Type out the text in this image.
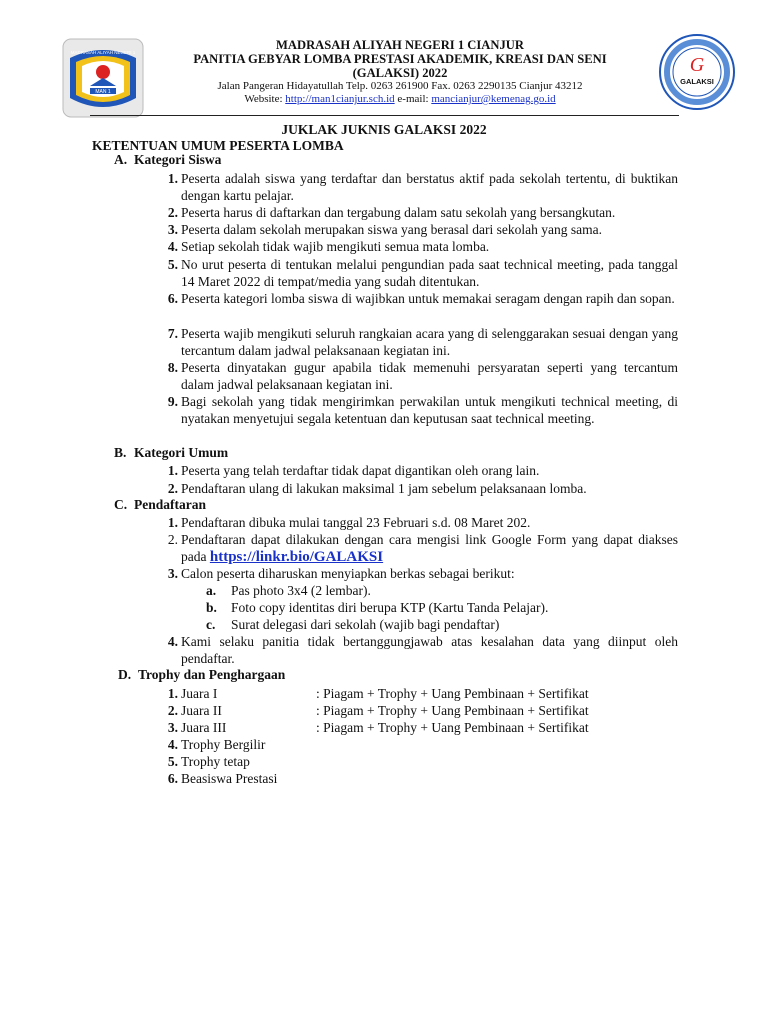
MAN 1
MADRASAH ALIYAH NEGERI 1
G
GALAKSI
MADRASAH ALIYAH NEGERI 1 CIANJUR
PANITIA GEBYAR LOMBA PRESTASI AKADEMIK, KREASI DAN SENI
(GALAKSI) 2022
Jalan Pangeran Hidayatullah Telp. 0263 261900 Fax. 0263 2290135 Cianjur 43212
Website: http://man1cianjur.sch.id e-mail: mancianjur@kemenag.go.id
JUKLAK JUKNIS GALAKSI 2022
KETENTUAN UMUM PESERTA LOMBA
A. Kategori Siswa
1. Peserta adalah siswa yang terdaftar dan berstatus aktif pada sekolah tertentu, di buktikan dengan kartu pelajar.
2. Peserta harus di daftarkan dan tergabung dalam satu sekolah yang bersangkutan.
3. Peserta dalam sekolah merupakan siswa yang berasal dari sekolah yang sama.
4. Setiap sekolah tidak wajib mengikuti semua mata lomba.
5. No urut peserta di tentukan melalui pengundian pada saat technical meeting, pada tanggal 14 Maret 2022 di tempat/media yang sudah ditentukan.
6. Peserta kategori lomba siswa di wajibkan untuk memakai seragam dengan rapih dan sopan.
7. Peserta wajib mengikuti seluruh rangkaian acara yang di selenggarakan sesuai dengan yang tercantum dalam jadwal pelaksanaan kegiatan ini.
8. Peserta dinyatakan gugur apabila tidak memenuhi persyaratan seperti yang tercantum dalam jadwal pelaksanaan kegiatan ini.
9. Bagi sekolah yang tidak mengirimkan perwakilan untuk mengikuti technical meeting, di nyatakan menyetujui segala ketentuan dan keputusan saat technical meeting.
B. Kategori Umum
1. Peserta yang telah terdaftar tidak dapat digantikan oleh orang lain.
2. Pendaftaran ulang di lakukan maksimal 1 jam sebelum pelaksanaan lomba.
C. Pendaftaran
1. Pendaftaran dibuka mulai tanggal 23 Februari s.d. 08 Maret 202.
2. Pendaftaran dapat dilakukan dengan cara mengisi link Google Form yang dapat diakses pada https://linkr.bio/GALAKSI
3. Calon peserta diharuskan menyiapkan berkas sebagai berikut:
a. Pas photo 3x4 (2 lembar).
b. Foto copy identitas diri berupa KTP (Kartu Tanda Pelajar).
c. Surat delegasi dari sekolah (wajib bagi pendaftar)
4. Kami selaku panitia tidak bertanggungjawab atas kesalahan data yang diinput oleh pendaftar.
D. Trophy dan Penghargaan
1. Juara I	: Piagam + Trophy + Uang Pembinaan + Sertifikat
2. Juara II	: Piagam + Trophy + Uang Pembinaan + Sertifikat
3. Juara III	: Piagam + Trophy + Uang Pembinaan + Sertifikat
4. Trophy Bergilir
5. Trophy tetap
6. Beasiswa Prestasi
